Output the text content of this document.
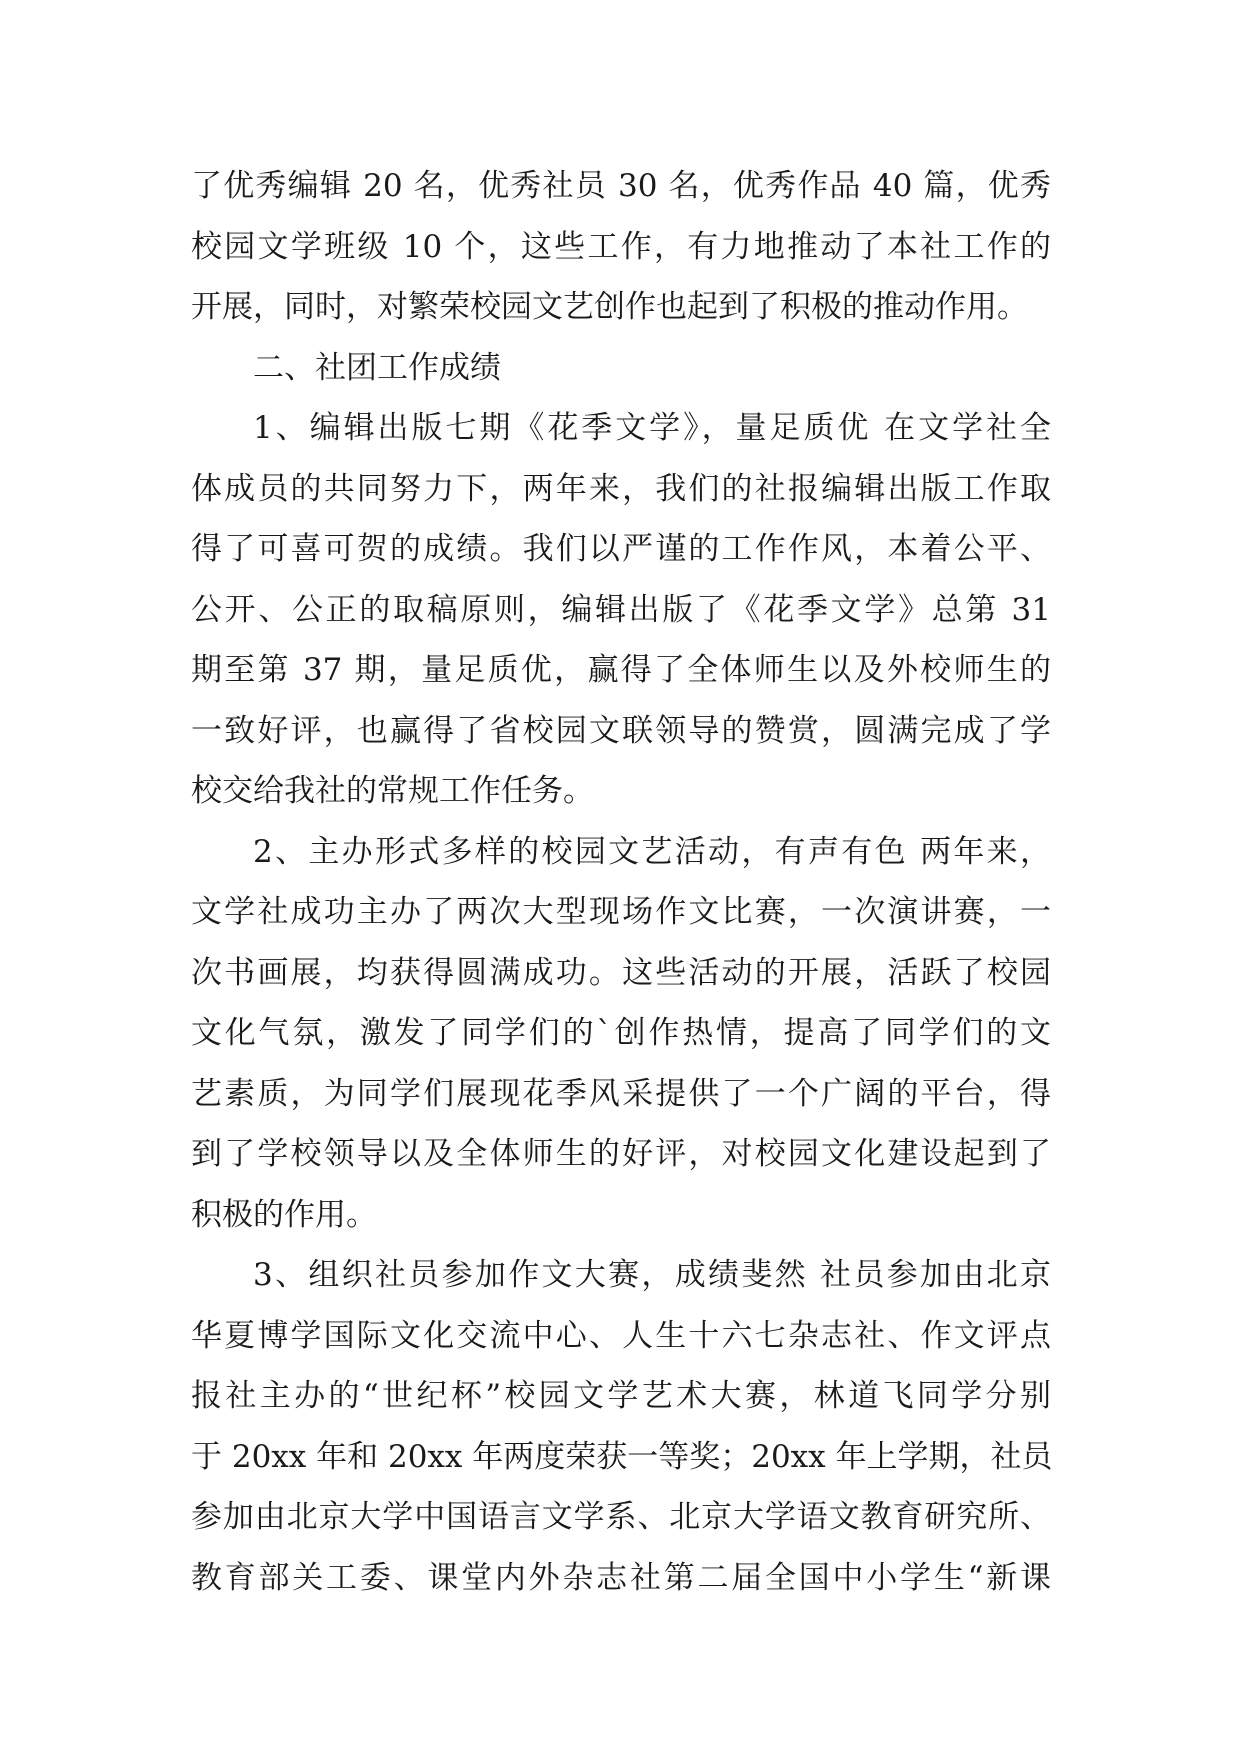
了优秀编辑 20 名，优秀社员 30 名，优秀作品 40 篇，优秀
校园文学班级 10 个，这些工作，有力地推动了本社工作的
开展，同时，对繁荣校园文艺创作也起到了积极的推动作用。
二、社团工作成绩
1、编辑出版七期《花季文学》，量足质优 在文学社全
体成员的共同努力下，两年来，我们的社报编辑出版工作取
得了可喜可贺的成绩。我们以严谨的工作作风，本着公平、
公开、公正的取稿原则，编辑出版了《花季文学》总第 31
期至第 37 期，量足质优，赢得了全体师生以及外校师生的
一致好评，也赢得了省校园文联领导的赞赏，圆满完成了学
校交给我社的常规工作任务。
2、主办形式多样的校园文艺活动，有声有色 两年来，
文学社成功主办了两次大型现场作文比赛，一次演讲赛，一
次书画展，均获得圆满成功。这些活动的开展，活跃了校园
文化气氛，激发了同学们的`创作热情，提高了同学们的文
艺素质，为同学们展现花季风采提供了一个广阔的平台，得
到了学校领导以及全体师生的好评，对校园文化建设起到了
积极的作用。
3、组织社员参加作文大赛，成绩斐然 社员参加由北京
华夏博学国际文化交流中心、人生十六七杂志社、作文评点
报社主办的“世纪杯”校园文学艺术大赛，林道飞同学分别
于 20xx 年和 20xx 年两度荣获一等奖；20xx 年上学期，社员
参加由北京大学中国语言文学系、北京大学语文教育研究所、
教育部关工委、课堂内外杂志社第二届全国中小学生“新课
